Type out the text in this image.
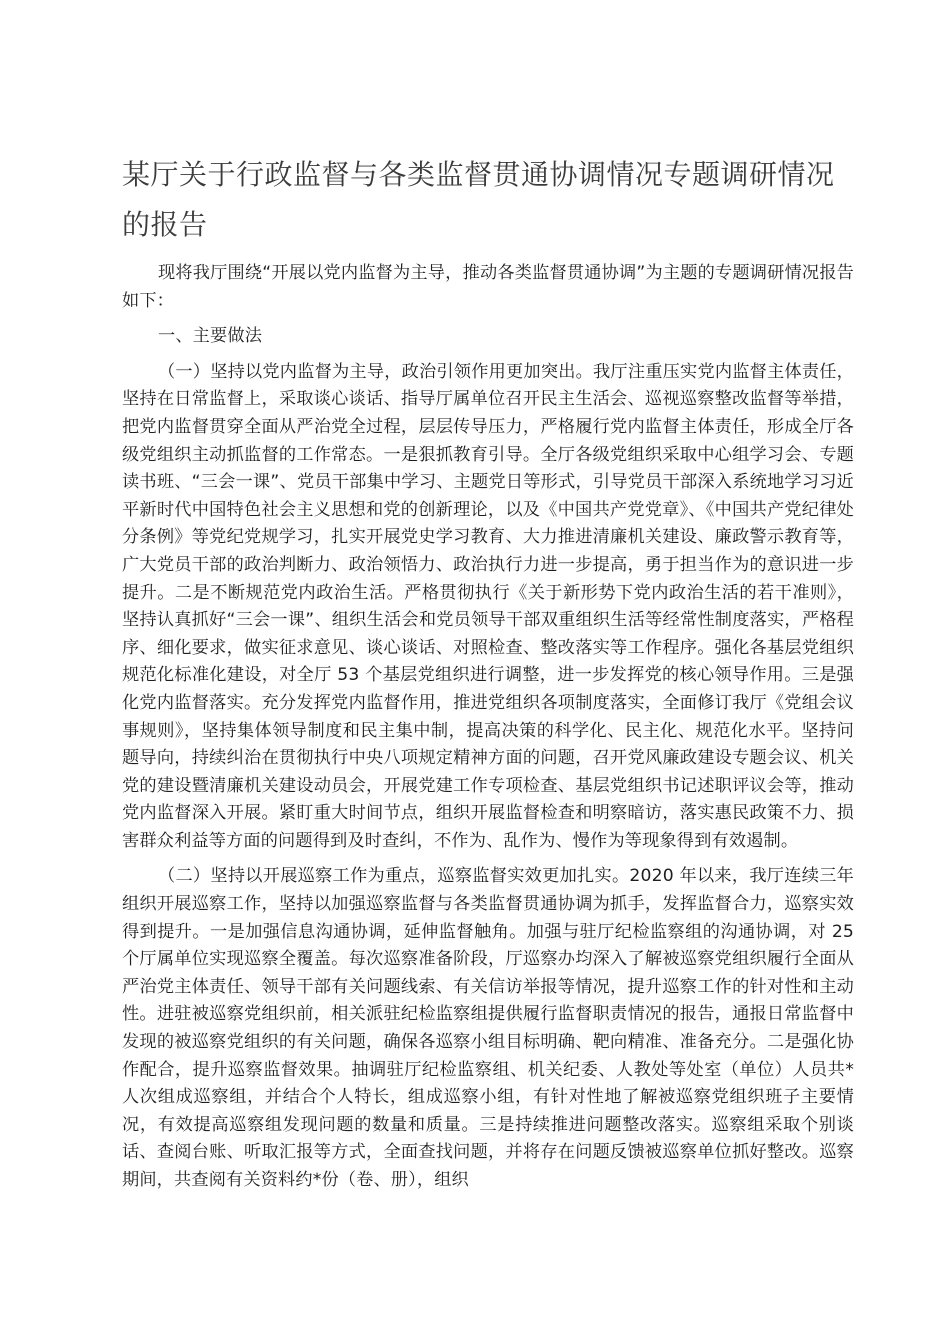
某厅关于行政监督与各类监督贯通协调情况专题调研情况的报告

现将我厅围绕“开展以党内监督为主导，推动各类监督贯通协调”为主题的专题调研情况报告如下：

一、主要做法

（一）坚持以党内监督为主导，政治引领作用更加突出。我厅注重压实党内监督主体责任，坚持在日常监督上，采取谈心谈话、指导厅属单位召开民主生活会、巡视巡察整改监督等举措，把党内监督贯穿全面从严治党全过程，层层传导压力，严格履行党内监督主体责任，形成全厅各级党组织主动抓监督的工作常态。一是狠抓教育引导。全厅各级党组织采取中心组学习会、专题读书班、“三会一课”、党员干部集中学习、主题党日等形式，引导党员干部深入系统地学习习近平新时代中国特色社会主义思想和党的创新理论，以及《中国共产党党章》、《中国共产党纪律处分条例》等党纪党规学习，扎实开展党史学习教育、大力推进清廉机关建设、廉政警示教育等，广大党员干部的政治判断力、政治领悟力、政治执行力进一步提高，勇于担当作为的意识进一步提升。二是不断规范党内政治生活。严格贯彻执行《关于新形势下党内政治生活的若干准则》，坚持认真抓好“三会一课”、组织生活会和党员领导干部双重组织生活等经常性制度落实，严格程序、细化要求，做实征求意见、谈心谈话、对照检查、整改落实等工作程序。强化各基层党组织规范化标准化建设，对全厅 53 个基层党组织进行调整，进一步发挥党的核心领导作用。三是强化党内监督落实。充分发挥党内监督作用，推进党组织各项制度落实，全面修订我厅《党组会议事规则》，坚持集体领导制度和民主集中制，提高决策的科学化、民主化、规范化水平。坚持问题导向，持续纠治在贯彻执行中央八项规定精神方面的问题，召开党风廉政建设专题会议、机关党的建设暨清廉机关建设动员会，开展党建工作专项检查、基层党组织书记述职评议会等，推动党内监督深入开展。紧盯重大时间节点，组织开展监督检查和明察暗访，落实惠民政策不力、损害群众利益等方面的问题得到及时查纠，不作为、乱作为、慢作为等现象得到有效遏制。

（二）坚持以开展巡察工作为重点，巡察监督实效更加扎实。2020 年以来，我厅连续三年组织开展巡察工作，坚持以加强巡察监督与各类监督贯通协调为抓手，发挥监督合力，巡察实效得到提升。一是加强信息沟通协调，延伸监督触角。加强与驻厅纪检监察组的沟通协调，对 25 个厅属单位实现巡察全覆盖。每次巡察准备阶段，厅巡察办均深入了解被巡察党组织履行全面从严治党主体责任、领导干部有关问题线索、有关信访举报等情况，提升巡察工作的针对性和主动性。进驻被巡察党组织前，相关派驻纪检监察组提供履行监督职责情况的报告，通报日常监督中发现的被巡察党组织的有关问题，确保各巡察小组目标明确、靶向精准、准备充分。二是强化协作配合，提升巡察监督效果。抽调驻厅纪检监察组、机关纪委、人教处等处室（单位）人员共*人次组成巡察组，并结合个人特长，组成巡察小组，有针对性地了解被巡察党组织班子主要情况，有效提高巡察组发现问题的数量和质量。三是持续推进问题整改落实。巡察组采取个别谈话、查阅台账、听取汇报等方式，全面查找问题，并将存在问题反馈被巡察单位抓好整改。巡察期间，共查阅有关资料约*份（卷、册），组织
